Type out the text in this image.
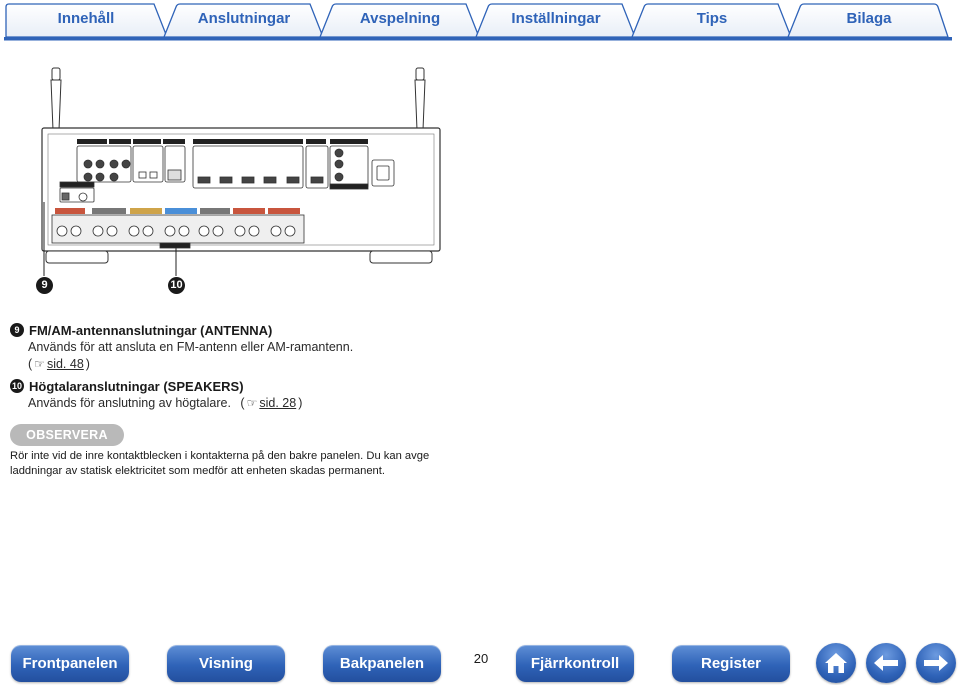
Innehåll	Anslutningar	Avspelning	Inställningar	Tips	Bilaga
9	10
9 FM/AM-antennanslutningar (ANTENNA)
Används för att ansluta en FM-antenn eller AM-ramantenn.
( ☞ sid. 48 )
10 Högtalaranslutningar (SPEAKERS)
Används för anslutning av högtalare. ( ☞ sid. 28 )
OBSERVERA
Rör inte vid de inre kontaktblecken i kontakterna på den bakre panelen. Du kan avge laddningar av statisk elektricitet som medför att enheten skadas permanent.
Frontpanelen	Visning	Bakpanelen	20	Fjärrkontroll	Register
